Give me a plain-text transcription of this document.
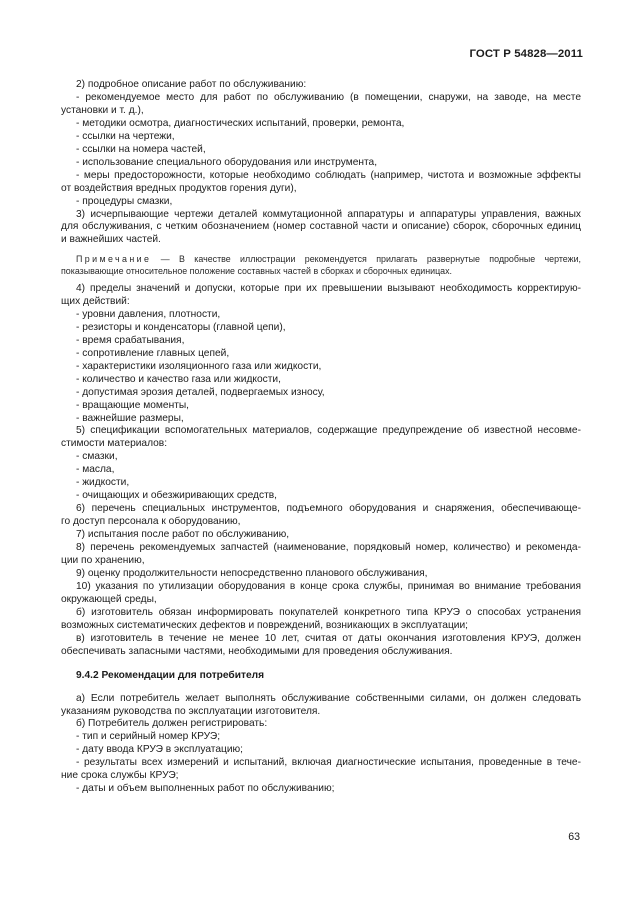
ГОСТ Р 54828—2011

2) подробное описание работ по обслуживанию:

- рекомендуемое место для работ по обслуживанию (в помещении, снаружи, на заводе, на месте

установки и т. д.),

- методики осмотра, диагностических испытаний, проверки, ремонта,

- ссылки на чертежи,

- ссылки на номера частей,

- использование специального оборудования или инструмента,

- меры предосторожности, которые необходимо соблюдать (например, чистота и возможные эффекты

от воздействия вредных продуктов горения дуги),

- процедуры смазки,

3) исчерпывающие чертежи деталей коммутационной аппаратуры и аппаратуры управления, важных

для обслуживания, с четким обозначением (номер составной части и описание) сборок, сборочных единиц

и важнейших частей.

Примечание — В качестве иллюстрации рекомендуется прилагать развернутые подробные чертежи,

показывающие относительное положение составных частей в сборках и сборочных единицах.

4) пределы значений и допуски, которые при их превышении вызывают необходимость корректирую-

щих действий:

- уровни давления, плотности,

- резисторы и конденсаторы (главной цепи),

- время срабатывания,

- сопротивление главных цепей,

- характеристики изоляционного газа или жидкости,

- количество и качество газа или жидкости,

- допустимая эрозия деталей, подвергаемых износу,

- вращающие моменты,

- важнейшие размеры,

5) спецификации вспомогательных материалов, содержащие предупреждение об известной несовме-

стимости материалов:

- смазки,

- масла,

- жидкости,

- очищающих и обезжиривающих средств,

6) перечень специальных инструментов, подъемного оборудования и снаряжения, обеспечивающе-

го доступ персонала к оборудованию,

7) испытания после работ по обслуживанию,

8) перечень рекомендуемых запчастей (наименование, порядковый номер, количество) и рекоменда-

ции по хранению,

9) оценку продолжительности непосредственно планового обслуживания,

10) указания по утилизации оборудования в конце срока службы, принимая во внимание требования

окружающей среды,

б) изготовитель обязан информировать покупателей конкретного типа КРУЭ о способах устранения

возможных систематических дефектов и повреждений, возникающих в эксплуатации;

в) изготовитель в течение не менее 10 лет, считая от даты окончания изготовления КРУЭ, должен

обеспечивать запасными частями, необходимыми для проведения обслуживания.

9.4.2 Рекомендации для потребителя

а) Если потребитель желает выполнять обслуживание собственными силами, он должен следовать

указаниям руководства по эксплуатации изготовителя.

б) Потребитель должен регистрировать:

- тип и серийный номер КРУЭ;

- дату ввода КРУЭ в эксплуатацию;

- результаты всех измерений и испытаний, включая диагностические испытания, проведенные в тече-

ние срока службы КРУЭ;

- даты и объем выполненных работ по обслуживанию;

63
